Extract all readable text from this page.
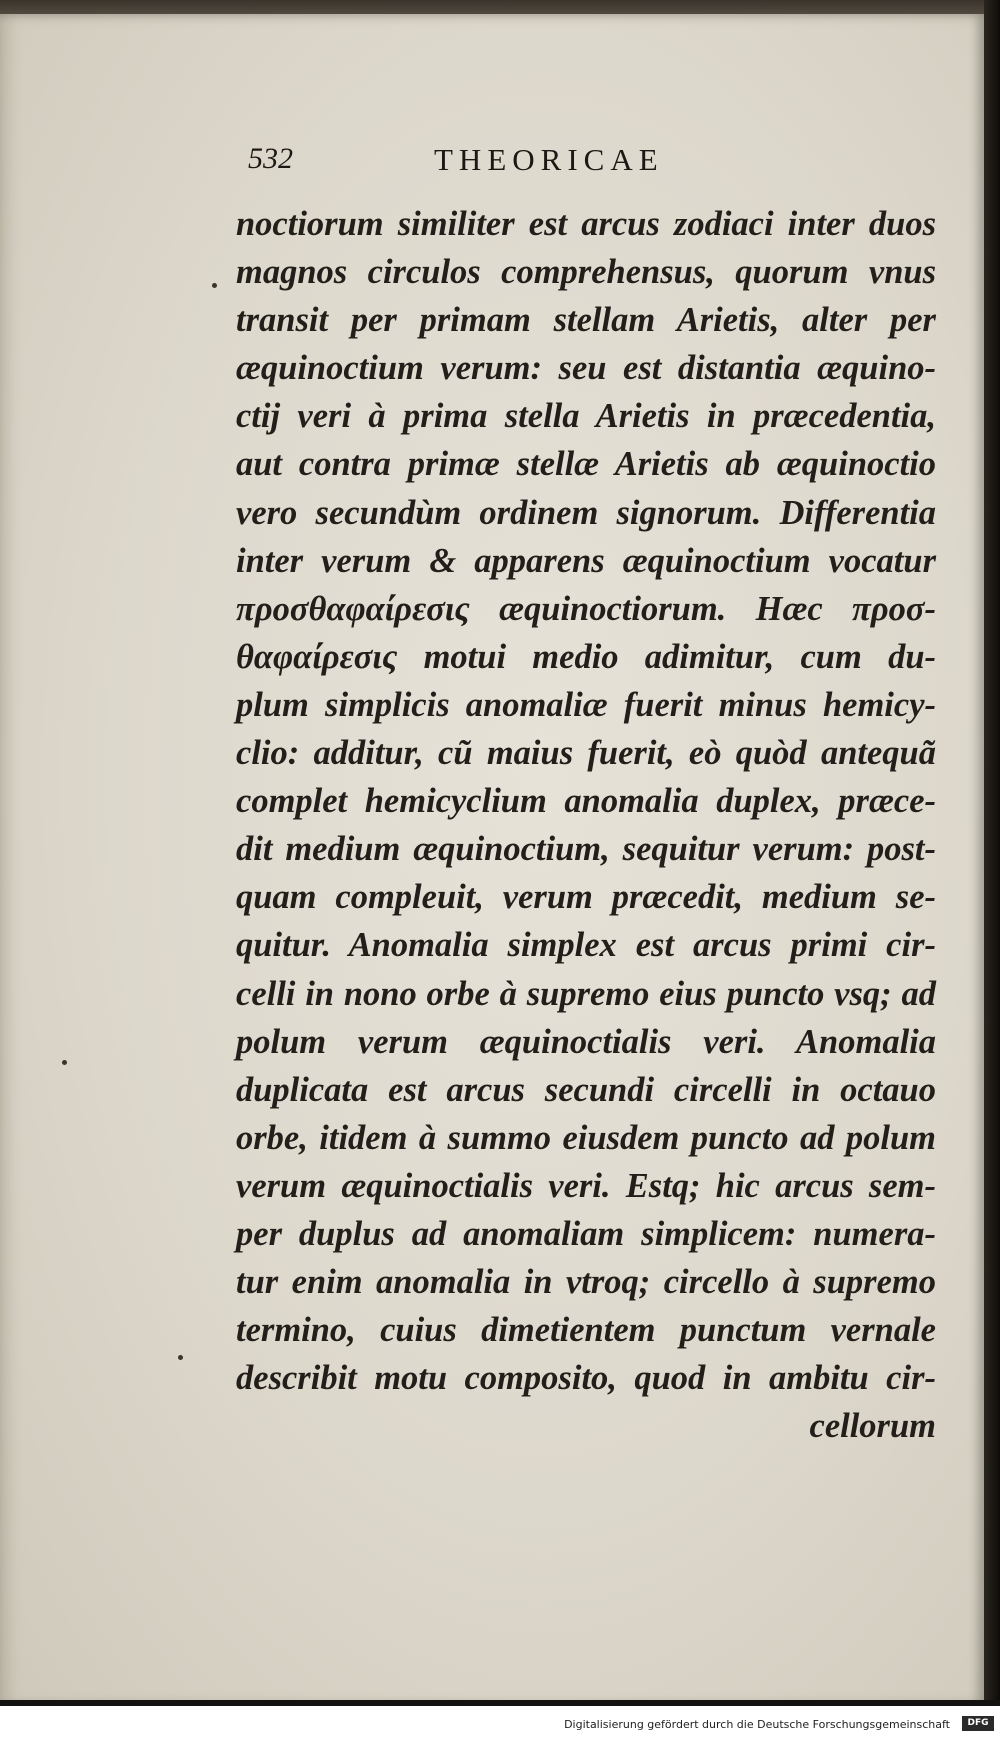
532	THEORICAE
noctiorum similiter est arcus zodiaci inter duos
magnos circulos comprehensus, quorum vnus
transit per primam stellam Arietis, alter per
æquinoctium verum: seu est distantia æquino-
ctij veri à prima stella Arietis in præcedentia,
aut contra primæ stellæ Arietis ab æquinoctio
vero secundùm ordinem signorum. Differentia
inter verum & apparens æquinoctium vocatur
προσθαφαίρεσις æquinoctiorum. Hæc προσ-
θαφαίρεσις motui medio adimitur, cum du-
plum simplicis anomaliæ fuerit minus hemicy-
clio: additur, cũ maius fuerit, eò quòd antequã
complet hemicyclium anomalia duplex, præce-
dit medium æquinoctium, sequitur verum: post-
quam compleuit, verum præcedit, medium se-
quitur. Anomalia simplex est arcus primi cir-
celli in nono orbe à supremo eius puncto vsq; ad
polum verum æquinoctialis veri. Anomalia
duplicata est arcus secundi circelli in octauo
orbe, itidem à summo eiusdem puncto ad polum
verum æquinoctialis veri. Estq; hic arcus sem-
per duplus ad anomaliam simplicem: numera-
tur enim anomalia in vtroq; circello à supremo
termino, cuius dimetientem punctum vernale
describit motu composito, quod in ambitu cir-
cellorum
Digitalisierung gefördert durch die Deutsche Forschungsgemeinschaft	DFG
